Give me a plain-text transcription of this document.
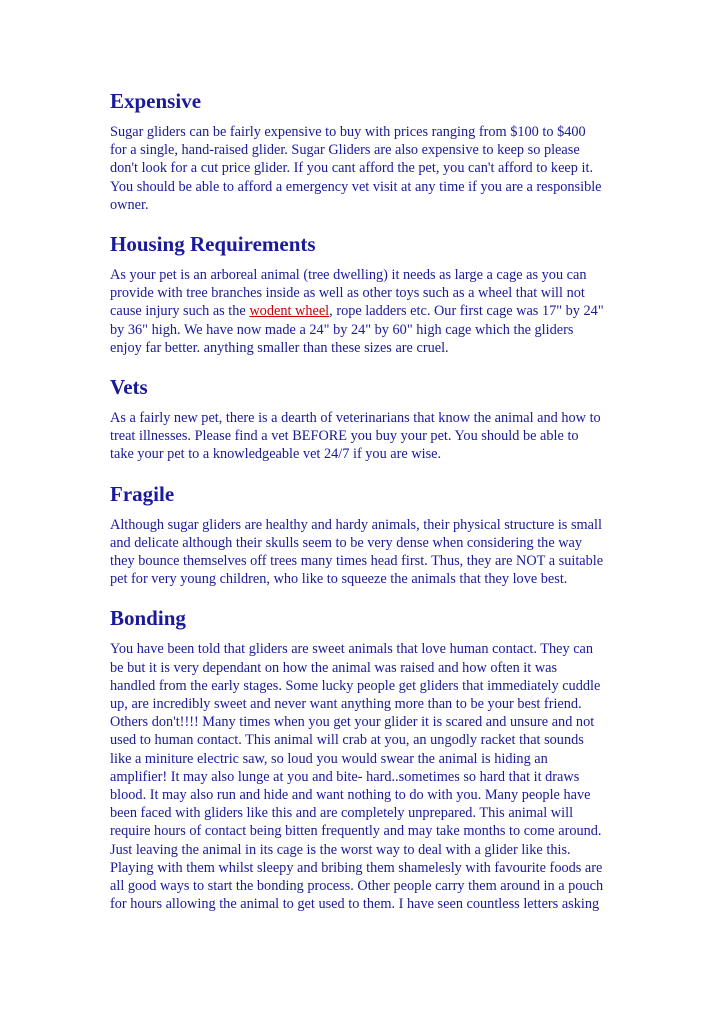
Expensive

Sugar gliders can be fairly expensive to buy with prices ranging from $100 to $400
for a single, hand-raised glider. Sugar Gliders are also expensive to keep so please
don't look for a cut price glider. If you cant afford the pet, you can't afford to keep it.
You should be able to afford a emergency vet visit at any time if you are a responsible
owner.

Housing Requirements

As your pet is an arboreal animal (tree dwelling) it needs as large a cage as you can
provide with tree branches inside as well as other toys such as a wheel that will not
cause injury such as the wodent wheel, rope ladders etc. Our first cage was 17" by 24"
by 36" high. We have now made a 24" by 24" by 60" high cage which the gliders
enjoy far better. anything smaller than these sizes are cruel.

Vets

As a fairly new pet, there is a dearth of veterinarians that know the animal and how to
treat illnesses. Please find a vet BEFORE you buy your pet. You should be able to
take your pet to a knowledgeable vet 24/7 if you are wise.

Fragile

Although sugar gliders are healthy and hardy animals, their physical structure is small
and delicate although their skulls seem to be very dense when considering the way
they bounce themselves off trees many times head first. Thus, they are NOT a suitable
pet for very young children, who like to squeeze the animals that they love best.

Bonding

You have been told that gliders are sweet animals that love human contact. They can
be but it is very dependant on how the animal was raised and how often it was
handled from the early stages. Some lucky people get gliders that immediately cuddle
up, are incredibly sweet and never want anything more than to be your best friend.
Others don't!!!! Many times when you get your glider it is scared and unsure and not
used to human contact. This animal will crab at you, an ungodly racket that sounds
like a miniture electric saw, so loud you would swear the animal is hiding an
amplifier! It may also lunge at you and bite- hard..sometimes so hard that it draws
blood. It may also run and hide and want nothing to do with you. Many people have
been faced with gliders like this and are completely unprepared. This animal will
require hours of contact being bitten frequently and may take months to come around.
Just leaving the animal in its cage is the worst way to deal with a glider like this.
Playing with them whilst sleepy and bribing them shamelesly with favourite foods are
all good ways to start the bonding process. Other people carry them around in a pouch
for hours allowing the animal to get used to them. I have seen countless letters asking
